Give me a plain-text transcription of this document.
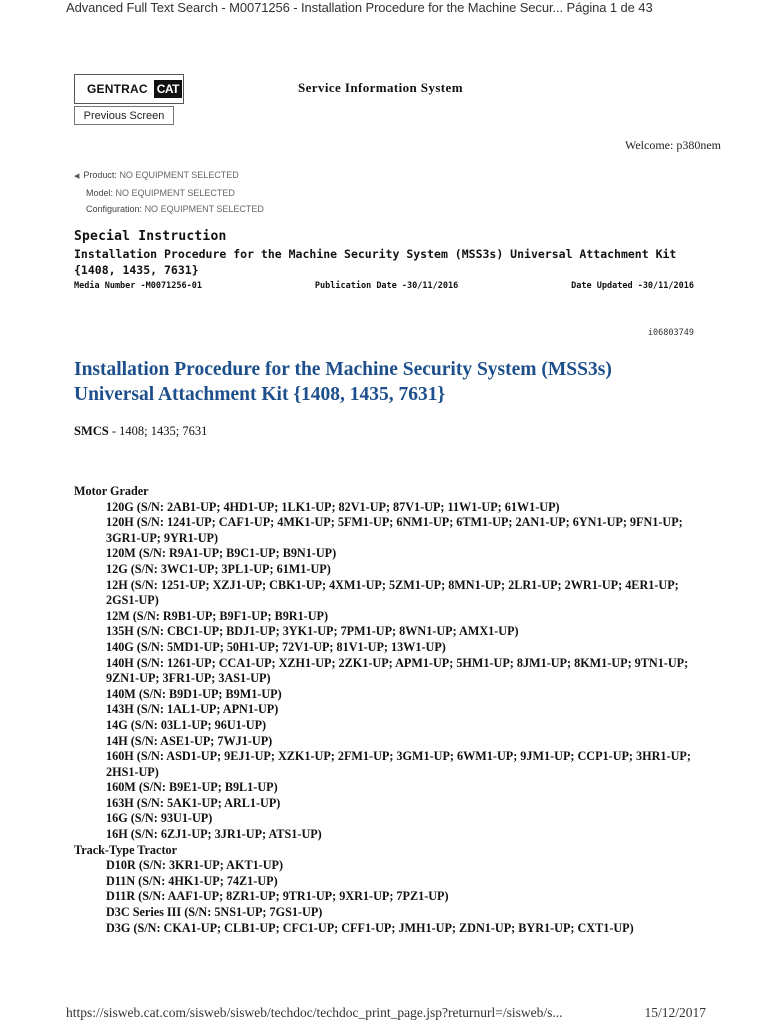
Advanced Full Text Search - M0071256 - Installation Procedure for the Machine Secur... Página 1 de 43
GENTRAC CAT	Service Information System
Previous Screen
Welcome: p380nem
◀ Product: NO EQUIPMENT SELECTED
Model: NO EQUIPMENT SELECTED
Configuration: NO EQUIPMENT SELECTED
Special Instruction
Installation Procedure for the Machine Security System (MSS3s) Universal Attachment Kit {1408, 1435, 7631}
Media Number -M0071256-01	Publication Date -30/11/2016	Date Updated -30/11/2016
i06803749
Installation Procedure for the Machine Security System (MSS3s) Universal Attachment Kit {1408, 1435, 7631}
SMCS - 1408; 1435; 7631
Motor Grader
120G (S/N: 2AB1-UP; 4HD1-UP; 1LK1-UP; 82V1-UP; 87V1-UP; 11W1-UP; 61W1-UP)
120H (S/N: 1241-UP; CAF1-UP; 4MK1-UP; 5FM1-UP; 6NM1-UP; 6TM1-UP; 2AN1-UP; 6YN1-UP; 9FN1-UP; 3GR1-UP; 9YR1-UP)
120M (S/N: R9A1-UP; B9C1-UP; B9N1-UP)
12G (S/N: 3WC1-UP; 3PL1-UP; 61M1-UP)
12H (S/N: 1251-UP; XZJ1-UP; CBK1-UP; 4XM1-UP; 5ZM1-UP; 8MN1-UP; 2LR1-UP; 2WR1-UP; 4ER1-UP; 2GS1-UP)
12M (S/N: R9B1-UP; B9F1-UP; B9R1-UP)
135H (S/N: CBC1-UP; BDJ1-UP; 3YK1-UP; 7PM1-UP; 8WN1-UP; AMX1-UP)
140G (S/N: 5MD1-UP; 50H1-UP; 72V1-UP; 81V1-UP; 13W1-UP)
140H (S/N: 1261-UP; CCA1-UP; XZH1-UP; 2ZK1-UP; APM1-UP; 5HM1-UP; 8JM1-UP; 8KM1-UP; 9TN1-UP; 9ZN1-UP; 3FR1-UP; 3AS1-UP)
140M (S/N: B9D1-UP; B9M1-UP)
143H (S/N: 1AL1-UP; APN1-UP)
14G (S/N: 03L1-UP; 96U1-UP)
14H (S/N: ASE1-UP; 7WJ1-UP)
160H (S/N: ASD1-UP; 9EJ1-UP; XZK1-UP; 2FM1-UP; 3GM1-UP; 6WM1-UP; 9JM1-UP; CCP1-UP; 3HR1-UP; 2HS1-UP)
160M (S/N: B9E1-UP; B9L1-UP)
163H (S/N: 5AK1-UP; ARL1-UP)
16G (S/N: 93U1-UP)
16H (S/N: 6ZJ1-UP; 3JR1-UP; ATS1-UP)
Track-Type Tractor
D10R (S/N: 3KR1-UP; AKT1-UP)
D11N (S/N: 4HK1-UP; 74Z1-UP)
D11R (S/N: AAF1-UP; 8ZR1-UP; 9TR1-UP; 9XR1-UP; 7PZ1-UP)
D3C Series III (S/N: 5NS1-UP; 7GS1-UP)
D3G (S/N: CKA1-UP; CLB1-UP; CFC1-UP; CFF1-UP; JMH1-UP; ZDN1-UP; BYR1-UP; CXT1-UP)
https://sisweb.cat.com/sisweb/sisweb/techdoc/techdoc_print_page.jsp?returnurl=/sisweb/s...	15/12/2017
